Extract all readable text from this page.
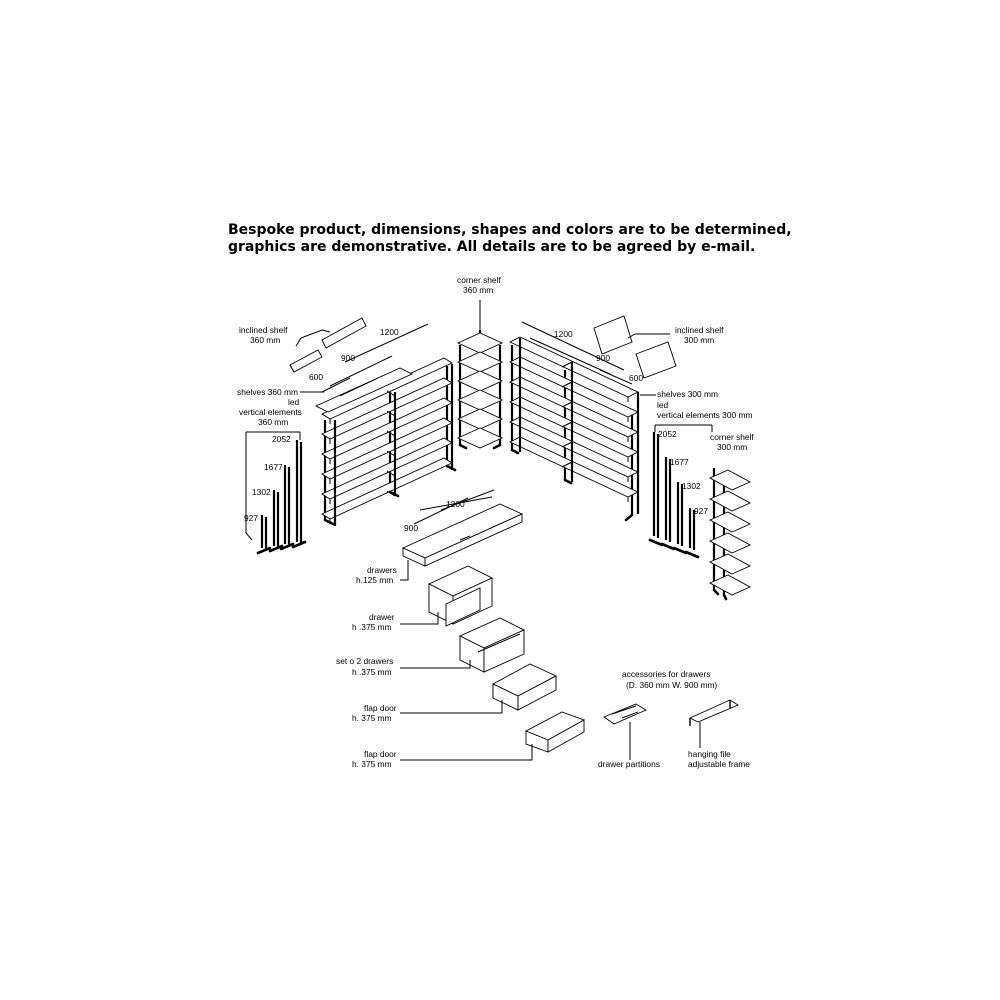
Bespoke product, dimensions, shapes and colors are to be determined,
graphics are demonstrative. All details are to be agreed by e-mail.
corner shelf
360 mm
inclined shelf
360 mm
inclined shelf
300 mm
1200
900
600
1200
900
600
shelves 360 mm	shelves 300 mm
led
vertical elements
360 mm
led
vertical elements 300 mm
2052
1677
1302
927
2052
1677
1302
927
corner shelf
300 mm
1200
900
drawers
h.125 mm
drawer
h .375 mm
set o 2 drawers
h .375 mm
flap door
h. 375 mm
flap door
h. 375 mm
accessories for drawers
(D. 360 mm W. 900 mm)
drawer partitions
hanging file
adjustable frame
